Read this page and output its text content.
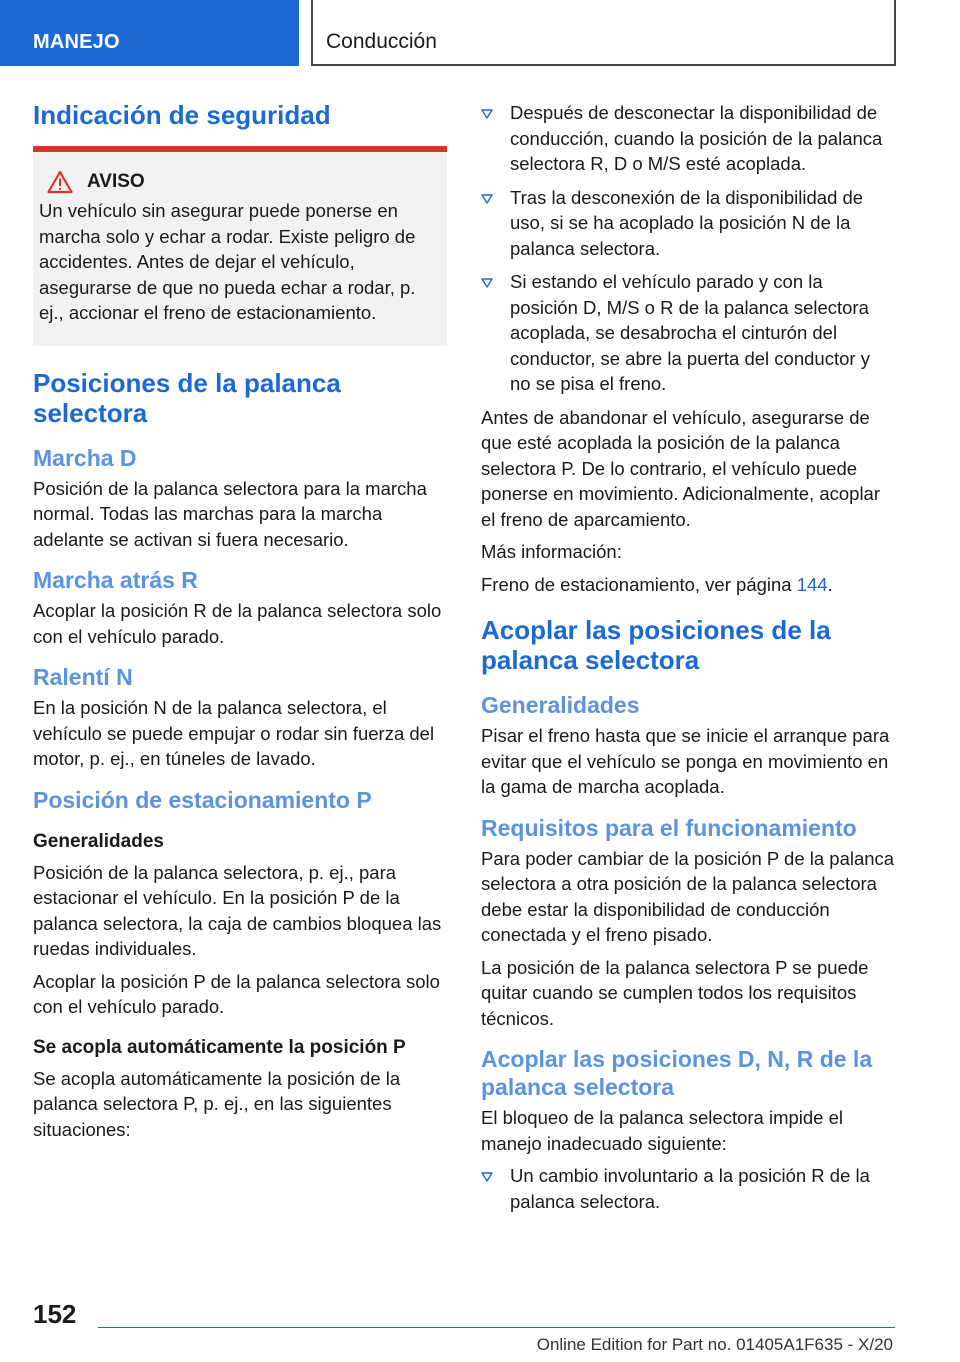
MANEJO	Conducción
Indicación de seguridad
AVISO
Un vehículo sin asegurar puede ponerse en marcha solo y echar a rodar. Existe peligro de accidentes. Antes de dejar el vehículo, asegurarse de que no pueda echar a rodar, p. ej., accionar el freno de estacionamiento.
Posiciones de la palanca selectora
Marcha D

Posición de la palanca selectora para la marcha normal. Todas las marchas para la marcha adelante se activan si fuera necesario.

Marcha atrás R

Acoplar la posición R de la palanca selectora solo con el vehículo parado.

Ralentí N

En la posición N de la palanca selectora, el vehículo se puede empujar o rodar sin fuerza del motor, p. ej., en túneles de lavado.

Posición de estacionamiento P
Generalidades

Posición de la palanca selectora, p. ej., para estacionar el vehículo. En la posición P de la palanca selectora, la caja de cambios bloquea las ruedas individuales.

Acoplar la posición P de la palanca selectora solo con el vehículo parado.

Se acopla automáticamente la posición P

Se acopla automáticamente la posición de la palanca selectora P, p. ej., en las siguientes situaciones:

Después de desconectar la disponibilidad de conducción, cuando la posición de la palanca selectora R, D o M/S esté acoplada.
Tras la desconexión de la disponibilidad de uso, si se ha acoplado la posición N de la palanca selectora.
Si estando el vehículo parado y con la posición D, M/S o R de la palanca selectora acoplada, se desabrocha el cinturón del conductor, se abre la puerta del conductor y no se pisa el freno.

Antes de abandonar el vehículo, asegurarse de que esté acoplada la posición de la palanca selectora P. De lo contrario, el vehículo puede ponerse en movimiento. Adicionalmente, acoplar el freno de aparcamiento.

Más información:

Freno de estacionamiento, ver página 144.

Acoplar las posiciones de la palanca selectora
Generalidades

Pisar el freno hasta que se inicie el arranque para evitar que el vehículo se ponga en movimiento en la gama de marcha acoplada.

Requisitos para el funcionamiento

Para poder cambiar de la posición P de la palanca selectora a otra posición de la palanca selectora debe estar la disponibilidad de conducción conectada y el freno pisado.

La posición de la palanca selectora P se puede quitar cuando se cumplen todos los requisitos técnicos.

Acoplar las posiciones D, N, R de la palanca selectora

El bloqueo de la palanca selectora impide el manejo inadecuado siguiente:

Un cambio involuntario a la posición R de la palanca selectora.
152
Online Edition for Part no. 01405A1F635 - X/20
